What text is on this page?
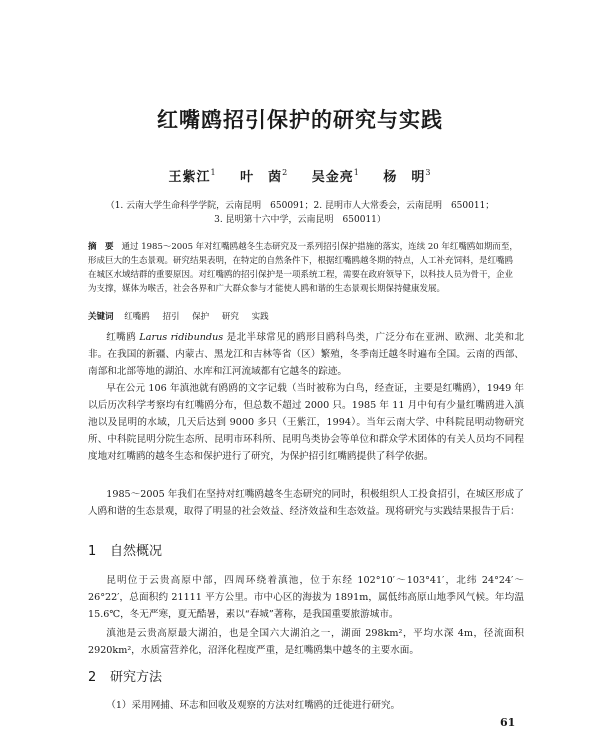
红嘴鸥招引保护的研究与实践
王紫江$^1$ 叶　茵$^2$ 吴金亮$^1$ 杨　明$^3$
（1. 云南大学生命科学学院，云南昆明　650091；2. 昆明市人大常委会，云南昆明　650011；
3. 昆明第十六中学，云南昆明　650011）
摘　要 通过 1985～2005 年对红嘴鸥越冬生态研究及一系列招引保护措施的落实，连续 20 年红嘴鸥如期而至，形成巨大的生态景观。研究结果表明，在特定的自然条件下，根据红嘴鸥越冬期的特点，人工补充饲料，是红嘴鸥在城区水域结群的重要原因。对红嘴鸥的招引保护是一项系统工程，需要在政府领导下，以科技人员为骨干，企业为支撑，媒体为喉舌，社会各界和广大群众参与才能使人鸥和谐的生态景观长期保持健康发展。
关键词 红嘴鸥 招引 保护 研究 实践
红嘴鸥 Larus ridibundus 是北半球常见的鸥形目鸥科鸟类，广泛分布在亚洲、欧洲、北美和北非。在我国的新疆、内蒙古、黑龙江和吉林等省（区）繁殖，冬季南迁越冬时遍布全国。云南的西部、南部和北部等地的湖泊、水库和江河流域都有它越冬的踪迹。
早在公元 106 年滇池就有鸥鸥的文字记载（当时被称为白鸟，经查证，主要是红嘴鸥），1949 年以后历次科学考察均有红嘴鸥分布，但总数不超过 2000 只。1985 年 11 月中旬有少量红嘴鸥进入滇池以及昆明的水域，几天后达到 9000 多只（王紫江，1994）。当年云南大学、中科院昆明动物研究所、中科院昆明分院生态所、昆明市环科所、昆明鸟类协会等单位和群众学术团体的有关人员均不同程度地对红嘴鸥的越冬生态和保护进行了研究，为保护招引红嘴鸥提供了科学依据。
1985～2005 年我们在坚持对红嘴鸥越冬生态研究的同时，积极组织人工投食招引，在城区形成了人鸥和谐的生态景观，取得了明显的社会效益、经济效益和生态效益。现将研究与实践结果报告于后：
1 自然概况
昆明位于云贵高原中部，四周环绕着滇池，位于东经 102°10′～103°41′，北纬 24°24′～26°22′，总面积约 21111 平方公里。市中心区的海拔为 1891m，属低纬高原山地季风气候。年均温 15.6℃，冬无严寒，夏无酷暑，素以“春城”著称，是我国重要旅游城市。
滇池是云贵高原最大湖泊，也是全国六大湖泊之一，湖面 298km²，平均水深 4m，径流面积 2920km²，水质富营养化，沼泽化程度严重，是红嘴鸥集中越冬的主要水面。
2 研究方法
（1）采用网捕、环志和回收及观察的方法对红嘴鸥的迁徙进行研究。
61
